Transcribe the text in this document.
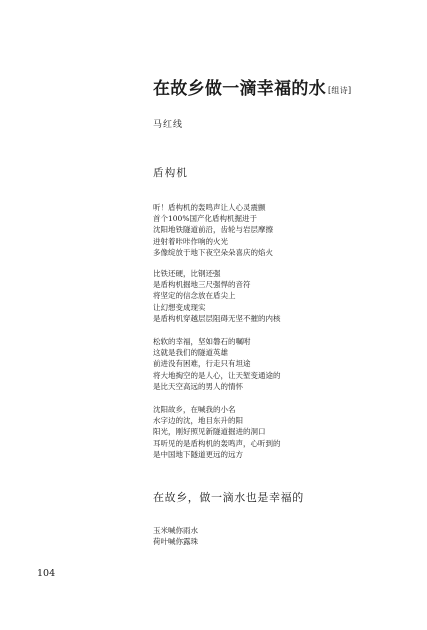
在故乡做一滴幸福的水 [组诗]
马红线
盾构机
听！盾构机的轰鸣声让人心灵震颤
首个100%国产化盾构机掘进于
沈阳地铁隧道前沿，齿轮与岩层摩擦
迸射着咔咔作响的火光
多像绽放于地下夜空朵朵喜庆的焰火
比铁还硬，比钢还强
是盾构机掘地三尺强悍的音符
将坚定的信念放在盾尖上
让幻想变成现实
是盾构机穿越层层阻碍无坚不摧的内核
松软的幸福，坚如磐石的嘱咐
这就是我们的隧道英雄
前进没有困难，行走只有坦途
将大地掏空的是人心，让天堑变通途的
是比天空高远的男人的情怀
沈阳故乡，在喊我的小名
水字边的沈，地目东升的阳
阳光，刚好照见新隧道掘进的洞口
耳听见的是盾构机的轰鸣声，心听到的
是中国地下隧道更远的远方
在故乡，做一滴水也是幸福的
玉米喊你雨水
荷叶喊你露珠
104
